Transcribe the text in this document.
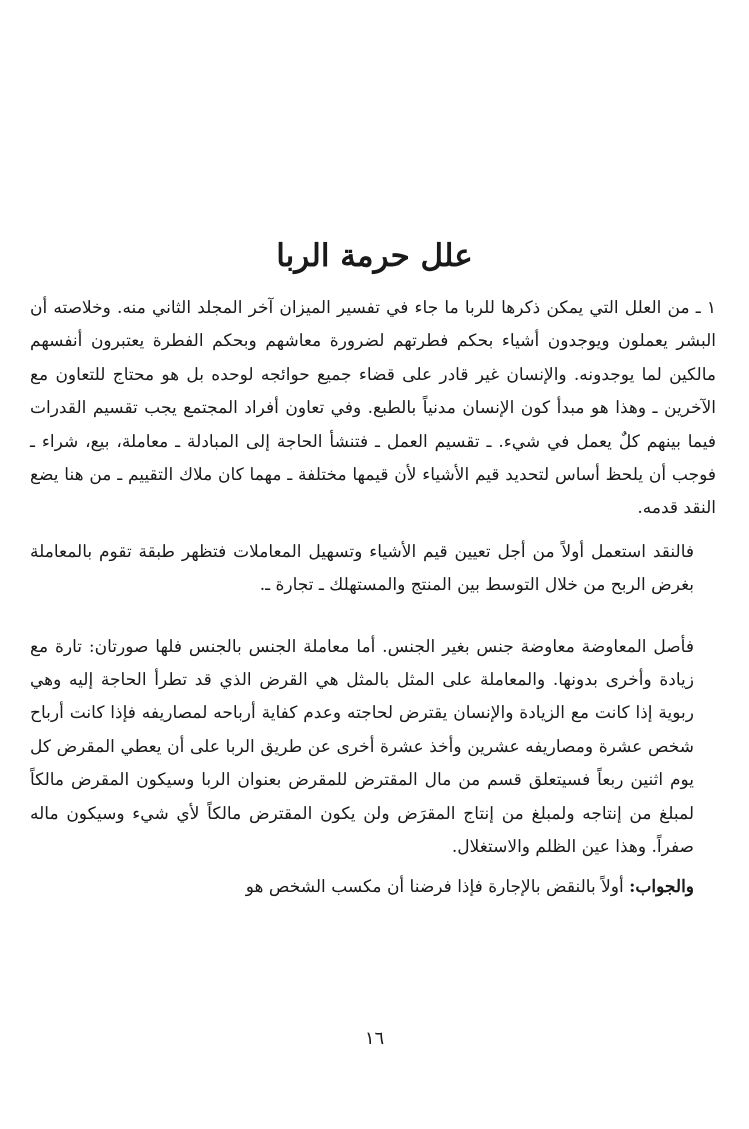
علل حرمة الربا

١ ـ من العلل التي يمكن ذكرها للربا ما جاء في تفسير الميزان آخر المجلد الثاني منه. وخلاصته أن البشر يعملون ويوجدون أشياء بحكم فطرتهم لضرورة معاشهم وبحكم الفطرة يعتبرون أنفسهم مالكين لما يوجدونه. والإنسان غير قادر على قضاء جميع حوائجه لوحده بل هو محتاج للتعاون مع الآخرين ـ وهذا هو مبدأ كون الإنسان مدنياً بالطبع. وفي تعاون أفراد المجتمع يجب تقسيم القدرات فيما بينهم كلٌ يعمل في شيء. ـ تقسيم العمل ـ فتنشأ الحاجة إلى المبادلة ـ معاملة، بيع، شراء ـ فوجب أن يلحظ أساس لتحديد قيم الأشياء لأن قيمها مختلفة ـ مهما كان ملاك التقييم ـ من هنا يضع النقد قدمه.

فالنقد استعمل أولاً من أجل تعيين قيم الأشياء وتسهيل المعاملات فتظهر طبقة تقوم بالمعاملة بغرض الربح من خلال التوسط بين المنتج والمستهلك ـ تجارة ـ.

فأصل المعاوضة معاوضة جنس بغير الجنس. أما معاملة الجنس بالجنس فلها صورتان: تارة مع زيادة وأخرى بدونها. والمعاملة على المثل بالمثل هي القرض الذي قد تطرأ الحاجة إليه وهي ربوية إذا كانت مع الزيادة والإنسان يقترض لحاجته وعدم كفاية أرباحه لمصاريفه فإذا كانت أرباح شخص عشرة ومصاريفه عشرين وأخذ عشرة أخرى عن طريق الربا على أن يعطي المقرض كل يوم اثنين ربعاً فسيتعلق قسم من مال المقترض للمقرض بعنوان الربا وسيكون المقرض مالكاً لمبلغ من إنتاجه ولمبلغ من إنتاج المقرَض ولن يكون المقترض مالكاً لأي شيء وسيكون ماله صفراً. وهذا عين الظلم والاستغلال.

والجواب: أولاً بالنقض بالإجارة فإذا فرضنا أن مكسب الشخص هو

١٦
